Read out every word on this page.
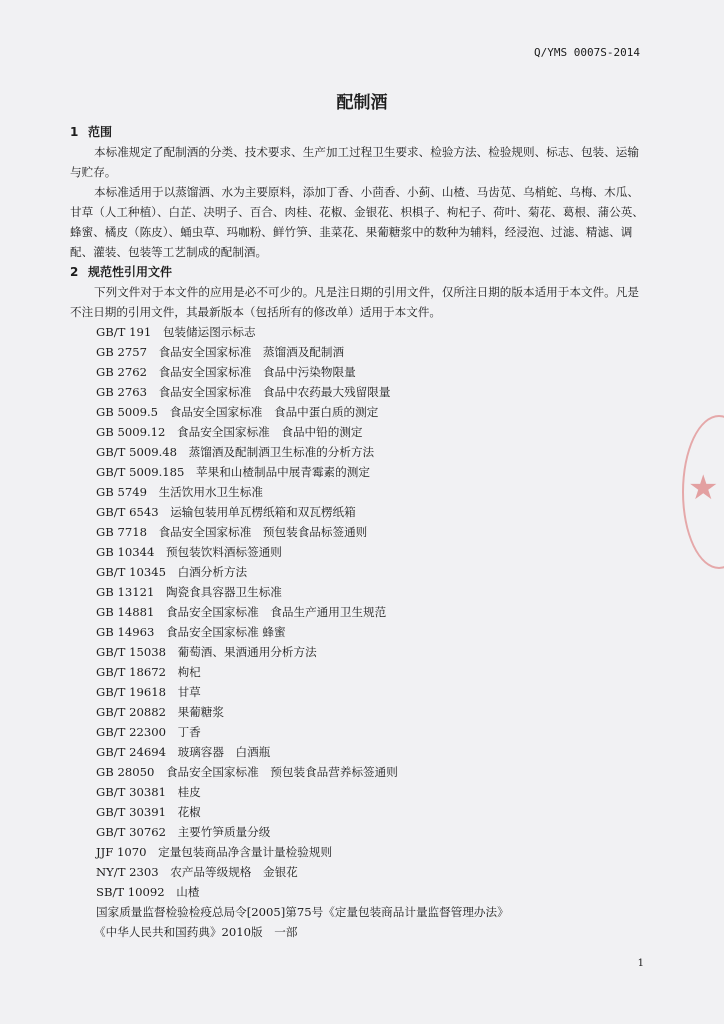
Q/YMS 0007S-2014
配制酒
1 范围
本标准规定了配制酒的分类、技术要求、生产加工过程卫生要求、检验方法、检验规则、标志、包装、运输与贮存。
本标准适用于以蒸馏酒、水为主要原料，添加丁香、小茴香、小蓟、山楂、马齿苋、乌梢蛇、乌梅、木瓜、甘草（人工种植）、白芷、决明子、百合、肉桂、花椒、金银花、枳椇子、枸杞子、荷叶、菊花、葛根、蒲公英、蜂蜜、橘皮（陈皮）、蛹虫草、玛咖粉、鲜竹笋、韭菜花、果葡糖浆中的数种为辅料，经浸泡、过滤、精滤、调配、灌装、包装等工艺制成的配制酒。
2 规范性引用文件
下列文件对于本文件的应用是必不可少的。凡是注日期的引用文件，仅所注日期的版本适用于本文件。凡是不注日期的引用文件，其最新版本（包括所有的修改单）适用于本文件。
GB/T 191　包装储运图示标志
GB 2757　食品安全国家标准　蒸馏酒及配制酒
GB 2762　食品安全国家标准　食品中污染物限量
GB 2763　食品安全国家标准　食品中农药最大残留限量
GB 5009.5　食品安全国家标准　食品中蛋白质的测定
GB 5009.12　食品安全国家标准　食品中铅的测定
GB/T 5009.48　蒸馏酒及配制酒卫生标准的分析方法
GB/T 5009.185　苹果和山楂制品中展青霉素的测定
GB 5749　生活饮用水卫生标准
GB/T 6543　运输包装用单瓦楞纸箱和双瓦楞纸箱
GB 7718　食品安全国家标准　预包装食品标签通则
GB 10344　预包装饮料酒标签通则
GB/T 10345　白酒分析方法
GB 13121　陶瓷食具容器卫生标准
GB 14881　食品安全国家标准　食品生产通用卫生规范
GB 14963　食品安全国家标准 蜂蜜
GB/T 15038　葡萄酒、果酒通用分析方法
GB/T 18672　枸杞
GB/T 19618　甘草
GB/T 20882　果葡糖浆
GB/T 22300　丁香
GB/T 24694　玻璃容器　白酒瓶
GB 28050　食品安全国家标准　预包装食品营养标签通则
GB/T 30381　桂皮
GB/T 30391　花椒
GB/T 30762　主要竹笋质量分级
JJF 1070　定量包装商品净含量计量检验规则
NY/T 2303　农产品等级规格　金银花
SB/T 10092　山楂
国家质量监督检验检疫总局令[2005]第75号《定量包装商品计量监督管理办法》
《中华人民共和国药典》2010版　一部
1
★
